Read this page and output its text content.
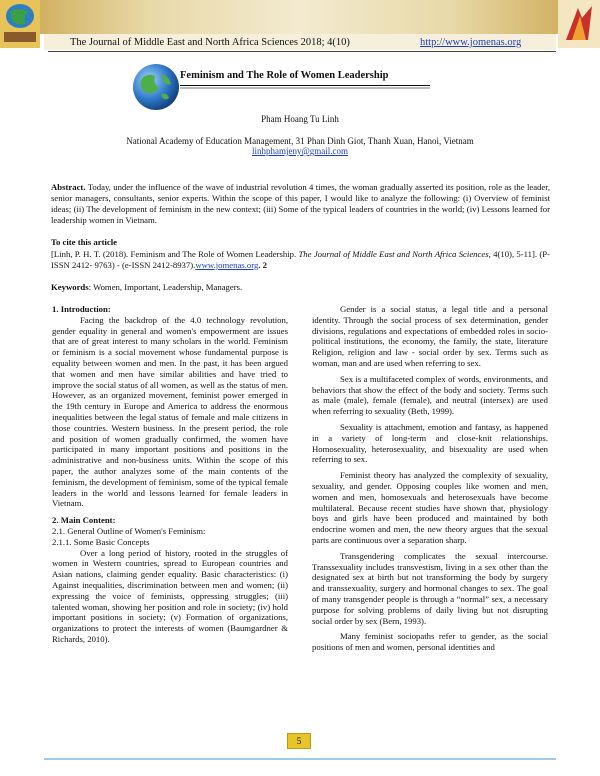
The Journal of Middle East and North Africa Sciences 2018; 4(10)	http://www.jomenas.org
Feminism and The Role of Women Leadership
Pham Hoang Tu Linh
National Academy of Education Management, 31 Phan Dinh Giot, Thanh Xuan, Hanoi, Vietnam
linhphamjeny@gmail.com
Abstract. Today, under the influence of the wave of industrial revolution 4 times, the woman gradually asserted its position, role as the leader, senior managers, consultants, senior experts. Within the scope of this paper, I would like to analyze the following: (i) Overview of feminist ideas; (ii) The development of feminism in the new context; (iii) Some of the typical leaders of countries in the world; (iv) Lessons learned for leadership women in Vietnam.
To cite this article
[Linh, P. H. T. (2018). Feminism and The Role of Women Leadership. The Journal of Middle East and North Africa Sciences, 4(10), 5-11]. (P-ISSN 2412- 9763) - (e-ISSN 2412-8937).www.jomenas.org. 2
Keywords: Women, Important, Leadership, Managers.

1. Introduction:

Facing the backdrop of the 4.0 technology revolution, gender equality in general and women's empowerment are issues that are of great interest to many scholars in the world. Feminism or feminism is a social movement whose fundamental purpose is equality between women and men. In the past, it has been argued that women and men have similar abilities and have tried to improve the social status of all women, as well as the status of men. However, as an organized movement, feminist power emerged in the 19th century in Europe and America to address the enormous inequalities between the legal status of female and male citizens in those countries. Western business. In the present period, the role and position of women gradually confirmed, the women have participated in many important positions and positions in the administrative and non-business units. Within the scope of this paper, the author analyzes some of the main contents of the feminism, the development of feminism, some of the typical female leaders in the world and lessons learned for female leaders in Vietnam.

2. Main Content:

2.1. General Outline of Women's Feminism:

2.1.1. Some Basic Concepts

Over a long period of history, rooted in the struggles of women in Western countries, spread to European countries and Asian nations, claiming gender equality. Basic characteristics: (i) Against inequalities, discrimination between men and women; (ii) expressing the voice of feminists, oppressing struggles; (iii) talented woman, showing her position and role in society; (iv) hold important positions in society; (v) Formation of organizations, organizations to protect the interests of women (Baumgardner & Richards, 2010).

Gender is a social status, a legal title and a personal identity. Through the social process of sex determination, gender divisions, regulations and expectations of embedded roles in socio-political institutions, the economy, the family, the state, literature Religion, religion and law - social order by sex. Terms such as woman, man and are used when referring to sex.

Sex is a multifaceted complex of words, environments, and behaviors that show the effect of the body and society. Terms such as male (male), female (female), and neutral (intersex) are used when referring to sexuality (Beth, 1999).

Sexuality is attachment, emotion and fantasy, as happened in a variety of long-term and close-knit relationships. Homosexuality, heterosexuality, and bisexuality are used when referring to sex.

Feminist theory has analyzed the complexity of sexuality, sexuality, and gender. Opposing couples like women and men, women and men, homosexuals and heterosexuals have become multilateral. Because recent studies have shown that, physiology boys and girls have been produced and maintained by both endocrine women and men, the new theory argues that the sexual parts are continuous over a separation sharp.

Transgendering complicates the sexual intercourse. Transsexuality includes transvestism, living in a sex other than the designated sex at birth but not transforming the body by surgery and transsexuality, surgery and hormonal changes to sex. The goal of many transgender people is through a “normal” sex, a necessary purpose for solving problems of daily living but not disrupting social order by sex (Bern, 1993).

Many feminist sociopaths refer to gender, as the social positions of men and women, personal identities and

5
